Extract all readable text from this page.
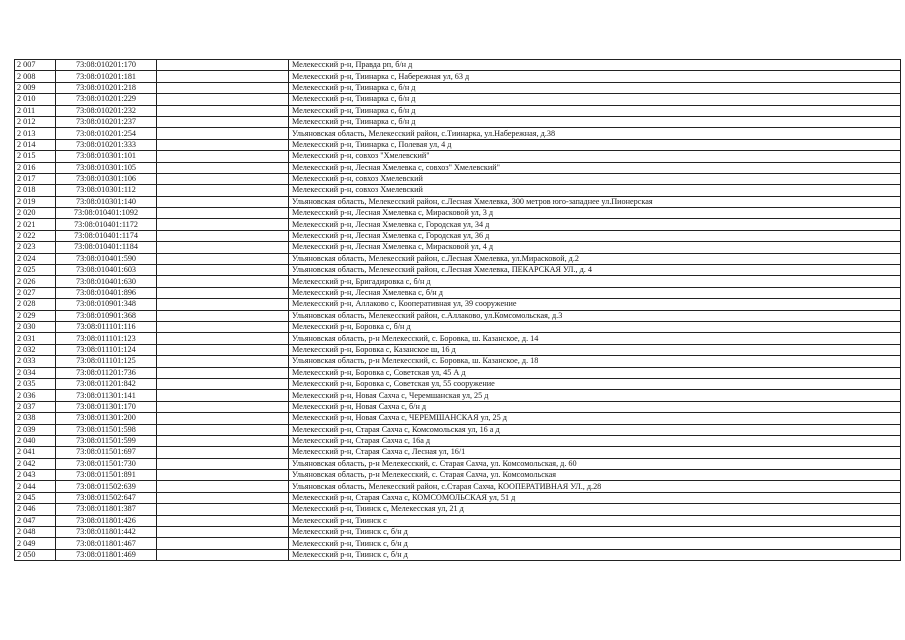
2 007	73:08:010201:170		Мелекесский р-н, Правда рп, б/н д
2 008	73:08:010201:181		Мелекесский р-н, Тиинарка с, Набережная ул, 63 д
2 009	73:08:010201:218		Мелекесский р-н, Тиинарка с, б/н д
2 010	73:08:010201:229		Мелекесский р-н, Тиинарка с, б/н д
2 011	73:08:010201:232		Мелекесский р-н, Тиинарка с, б/н д
2 012	73:08:010201:237		Мелекесский р-н, Тиинарка с, б/н д
2 013	73:08:010201:254		Ульяновская область, Мелекесский район, с.Тиинарка, ул.Набережная, д.38
2 014	73:08:010201:333		Мелекесский р-н, Тиинарка с, Полевая ул, 4 д
2 015	73:08:010301:101		Мелекесский р-н, совхоз "Хмелевский"
2 016	73:08:010301:105		Мелекесский р-н, Лесная Хмелевка с, совхоз" Хмелевский"
2 017	73:08:010301:106		Мелекесский р-н, совхоз Хмелевский
2 018	73:08:010301:112		Мелекесский р-н, совхоз Хмелевский
2 019	73:08:010301:140		Ульяновская область, Мелекесский район, с.Лесная Хмелевка, 300 метров юго-западнее ул.Пионерская
2 020	73:08:010401:1092		Мелекесский р-н, Лесная Хмелевка с, Мирасковой ул, 3 д
2 021	73:08:010401:1172		Мелекесский р-н, Лесная Хмелевка с, Городская ул, 34 д
2 022	73:08:010401:1174		Мелекесский р-н, Лесная Хмелевка с, Городская ул, 36 д
2 023	73:08:010401:1184		Мелекесский р-н, Лесная Хмелевка с, Мирасковой ул, 4 д
2 024	73:08:010401:590		Ульяновская область, Мелекесский район, с.Лесная Хмелевка, ул.Мирасковой, д.2
2 025	73:08:010401:603		Ульяновская область, Мелекесский район, с.Лесная Хмелевка, ПЕКАРСКАЯ УЛ., д. 4
2 026	73:08:010401:630		Мелекесский р-н, Бригадировка с, б/н д
2 027	73:08:010401:896		Мелекесский р-н, Лесная Хмелевка с, б/н д
2 028	73:08:010901:348		Мелекесский р-н, Аллаково с, Кооперативная ул, 39 сооружение
2 029	73:08:010901:368		Ульяновская область, Мелекесский район, с.Аллаково, ул.Комсомольская, д.3
2 030	73:08:011101:116		Мелекесский р-н, Боровка с, б/н д
2 031	73:08:011101:123		Ульяновская область, р-н Мелекесский, с. Боровка, ш. Казанское, д. 14
2 032	73:08:011101:124		Мелекесский р-н, Боровка с, Казанское ш, 16 д
2 033	73:08:011101:125		Ульяновская область, р-н Мелекесский, с. Боровка, ш. Казанское, д. 18
2 034	73:08:011201:736		Мелекесский р-н, Боровка с, Советская ул, 45 А д
2 035	73:08:011201:842		Мелекесский р-н, Боровка с, Советская ул, 55 сооружение
2 036	73:08:011301:141		Мелекесский р-н, Новая Сахча с, Черемшанская ул, 25 д
2 037	73:08:011301:170		Мелекесский р-н, Новая Сахча с, б/н д
2 038	73:08:011301:200		Мелекесский р-н, Новая Сахча с, ЧЕРЕМШАНСКАЯ ул, 25 д
2 039	73:08:011501:598		Мелекесский р-н, Старая Сахча с, Комсомольская ул, 16 а д
2 040	73:08:011501:599		Мелекесский р-н, Старая Сахча с, 16а д
2 041	73:08:011501:697		Мелекесский р-н, Старая Сахча с, Лесная ул, 16/1
2 042	73:08:011501:730		Ульяновская область, р-н Мелекесский, с. Старая Сахча, ул. Комсомольская, д. 60
2 043	73:08:011501:891		Ульяновская область, р-н Мелекесский, с. Старая Сахча, ул. Комсомольская
2 044	73:08:011502:639		Ульяновская область, Мелекесский район, с.Старая Сахча, КООПЕРАТИВНАЯ УЛ., д.28
2 045	73:08:011502:647		Мелекесский р-н, Старая Сахча с, КОМСОМОЛЬСКАЯ ул, 51 д
2 046	73:08:011801:387		Мелекесский р-н, Тиинск с, Мелекесская ул, 21 д
2 047	73:08:011801:426		Мелекесский р-н, Тиинск с
2 048	73:08:011801:442		Мелекесский р-н, Тиинск с, б/н д
2 049	73:08:011801:467		Мелекесский р-н, Тиинск с, б/н д
2 050	73:08:011801:469		Мелекесский р-н, Тиинск с, б/н д
